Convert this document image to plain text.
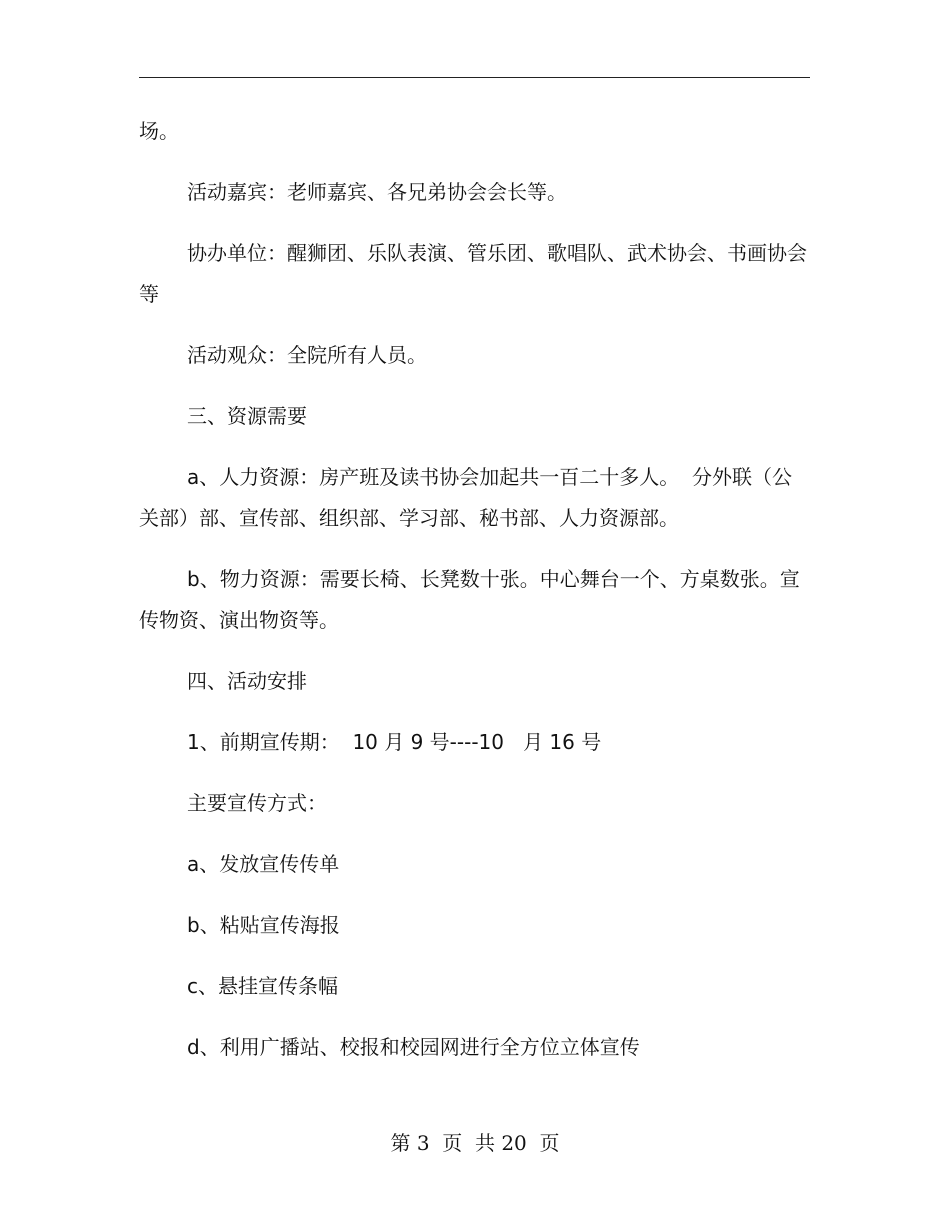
场。

活动嘉宾：老师嘉宾、各兄弟协会会长等。

协办单位：醒狮团、乐队表演、管乐团、歌唱队、武术协会、书画协会等

活动观众：全院所有人员。

三、资源需要

a、人力资源：房产班及读书协会加起共一百二十多人。  分外联（公关部）部、宣传部、组织部、学习部、秘书部、人力资源部。

b、物力资源：需要长椅、长凳数十张。中心舞台一个、方桌数张。宣传物资、演出物资等。

四、活动安排

1、前期宣传期：  10 月 9 号----10   月 16 号

主要宣传方式：

a、发放宣传传单

b、粘贴宣传海报

c、悬挂宣传条幅

d、利用广播站、校报和校园网进行全方位立体宣传

第 3  页  共 20  页
